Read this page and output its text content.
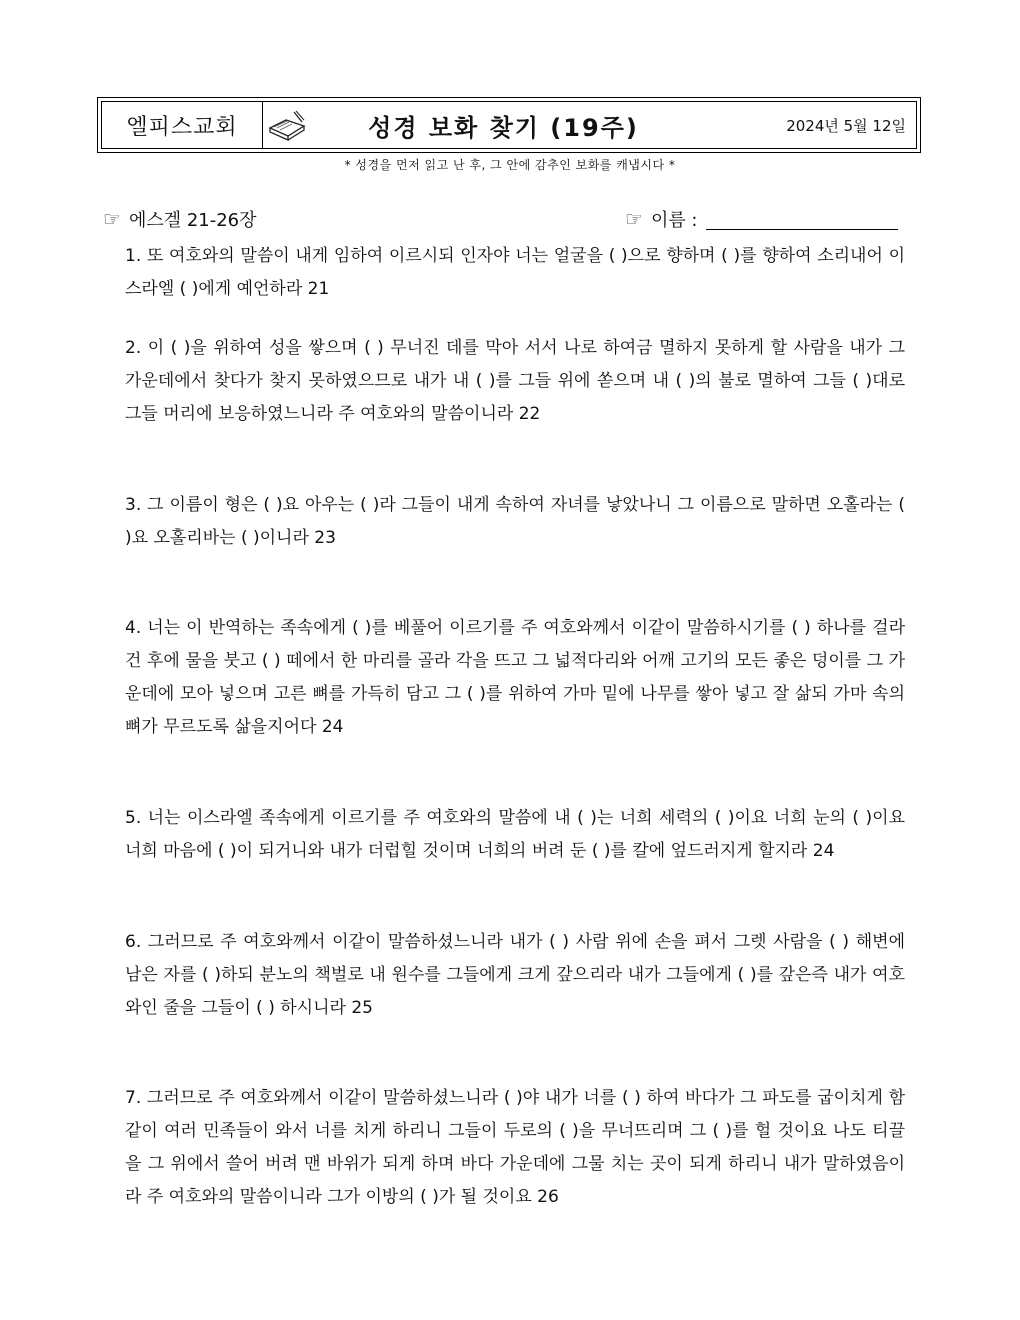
엘피스교회	성경 보화 찾기 (19주)	2024년 5월 12일
* 성경을 먼저 읽고 난 후, 그 안에 감추인 보화를 캐냅시다 *
☞ 에스겔 21-26장	☞ 이름 :

1. 또 여호와의 말씀이 내게 임하여 이르시되 인자야 너는 얼굴을 ( )으로 향하며 ( )를 향하여 소리내어 이스라엘 ( )에게 예언하라 21

2. 이 ( )을 위하여 성을 쌓으며 ( ) 무너진 데를 막아 서서 나로 하여금 멸하지 못하게 할 사람을 내가 그 가운데에서 찾다가 찾지 못하였으므로 내가 내 ( )를 그들 위에 쏟으며 내 ( )의 불로 멸하여 그들 ( )대로 그들 머리에 보응하였느니라 주 여호와의 말씀이니라 22

3. 그 이름이 형은 ( )요 아우는 ( )라 그들이 내게 속하여 자녀를 낳았나니 그 이름으로 말하면 오홀라는 ( )요 오홀리바는 ( )이니라 23

4. 너는 이 반역하는 족속에게 ( )를 베풀어 이르기를 주 여호와께서 이같이 말씀하시기를 ( ) 하나를 걸라 건 후에 물을 붓고 ( ) 떼에서 한 마리를 골라 각을 뜨고 그 넓적다리와 어깨 고기의 모든 좋은 덩이를 그 가운데에 모아 넣으며 고른 뼈를 가득히 담고 그 ( )를 위하여 가마 밑에 나무를 쌓아 넣고 잘 삶되 가마 속의 뼈가 무르도록 삶을지어다 24

5. 너는 이스라엘 족속에게 이르기를 주 여호와의 말씀에 내 ( )는 너희 세력의 ( )이요 너희 눈의 ( )이요 너희 마음에 ( )이 되거니와 내가 더럽힐 것이며 너희의 버려 둔 ( )를 칼에 엎드러지게 할지라 24

6. 그러므로 주 여호와께서 이같이 말씀하셨느니라 내가 ( ) 사람 위에 손을 펴서 그렛 사람을 ( ) 해변에 남은 자를 ( )하되 분노의 책벌로 내 원수를 그들에게 크게 갚으리라 내가 그들에게 ( )를 갚은즉 내가 여호와인 줄을 그들이 ( ) 하시니라 25

7. 그러므로 주 여호와께서 이같이 말씀하셨느니라 ( )야 내가 너를 ( ) 하여 바다가 그 파도를 굽이치게 함 같이 여러 민족들이 와서 너를 치게 하리니 그들이 두로의 ( )을 무너뜨리며 그 ( )를 헐 것이요 나도 티끌을 그 위에서 쓸어 버려 맨 바위가 되게 하며 바다 가운데에 그물 치는 곳이 되게 하리니 내가 말하였음이라 주 여호와의 말씀이니라 그가 이방의 ( )가 될 것이요 26
